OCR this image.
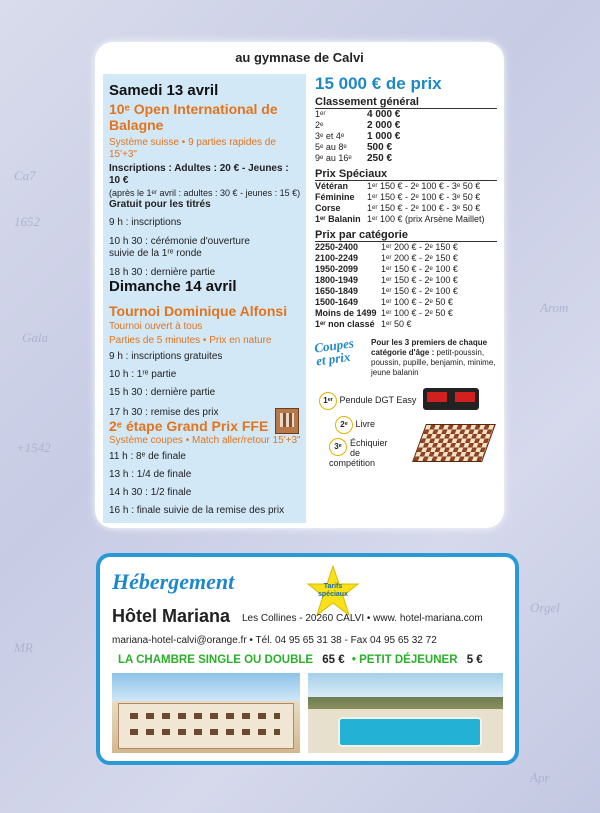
Ca7
1652
Gala
+1542
MR
Orgel
Arom
Apr
au gymnase de Calvi
Samedi 13 avril
10ᵉ Open International de Balagne
Système suisse • 9 parties rapides de 15'+3"
Inscriptions : Adultes : 20 € - Jeunes : 10 €
(après le 1ᵉʳ avril : adultes : 30 € - jeunes : 15 €)
Gratuit pour les titrés
9 h : inscriptions
10 h 30 : cérémonie d'ouverture
suivie de la 1ʳᵉ ronde
18 h 30 : dernière partie
Dimanche 14 avril
Tournoi Dominique Alfonsi
Tournoi ouvert à tous
Parties de 5 minutes • Prix en nature
9 h : inscriptions gratuites
10 h : 1ʳᵉ partie
15 h 30 : dernière partie
17 h 30 : remise des prix
2ᵉ étape Grand Prix FFE
Système coupes • Match aller/retour 15'+3"
11 h : 8ᵉ de finale
13 h : 1/4 de finale
14 h 30 : 1/2 finale
16 h : finale suivie de la remise des prix
15 000 € de prix
Classement général
1ᵉʳ	4 000 €
2ᵉ	2 000 €
3ᵉ et 4ᵉ	1 000 €
5ᵉ au 8ᵉ	500 €
9ᵉ au 16ᵉ	250 €
Prix Spéciaux
Vétéran	1ᵉʳ 150 € - 2ᵉ 100 € - 3ᵉ 50 €
Féminine	1ᵉʳ 150 € - 2ᵉ 100 € - 3ᵉ 50 €
Corse	1ᵉʳ 150 € - 2ᵉ 100 € - 3ᵉ 50 €
1ᵉʳ Balanin	1ᵉʳ 100 € (prix Arsène Maillet)
Prix par catégorie
2250-2400	1ᵉʳ 200 € - 2ᵉ 150 €
2100-2249	1ᵉʳ 200 € - 2ᵉ 150 €
1950-2099	1ᵉʳ 150 € - 2ᵉ 100 €
1800-1949	1ᵉʳ 150 € - 2ᵉ 100 €
1650-1849	1ᵉʳ 150 € - 2ᵉ 100 €
1500-1649	1ᵉʳ 100 € - 2ᵉ 50 €
Moins de 1499	1ᵉʳ 100 € - 2ᵉ 50 €
1ᵉʳ non classé	1ᵉʳ 50 €
Coupes et prix
Pour les 3 premiers de chaque catégorie d'âge : petit-poussin, poussin, pupille, benjamin, minime, jeune balanin
1ᵉʳ Pendule DGT Easy
2ᵉ Livre
3ᵉ Échiquier de compétition
Hébergement	Tarifs spéciaux
Hôtel Mariana Les Collines - 20260 CALVI • www. hotel-mariana.com
mariana-hotel-calvi@orange.fr • Tél. 04 95 65 31 38 - Fax 04 95 65 32 72
LA CHAMBRE SINGLE OU DOUBLE 65 € • PETIT DÉJEUNER 5 €
